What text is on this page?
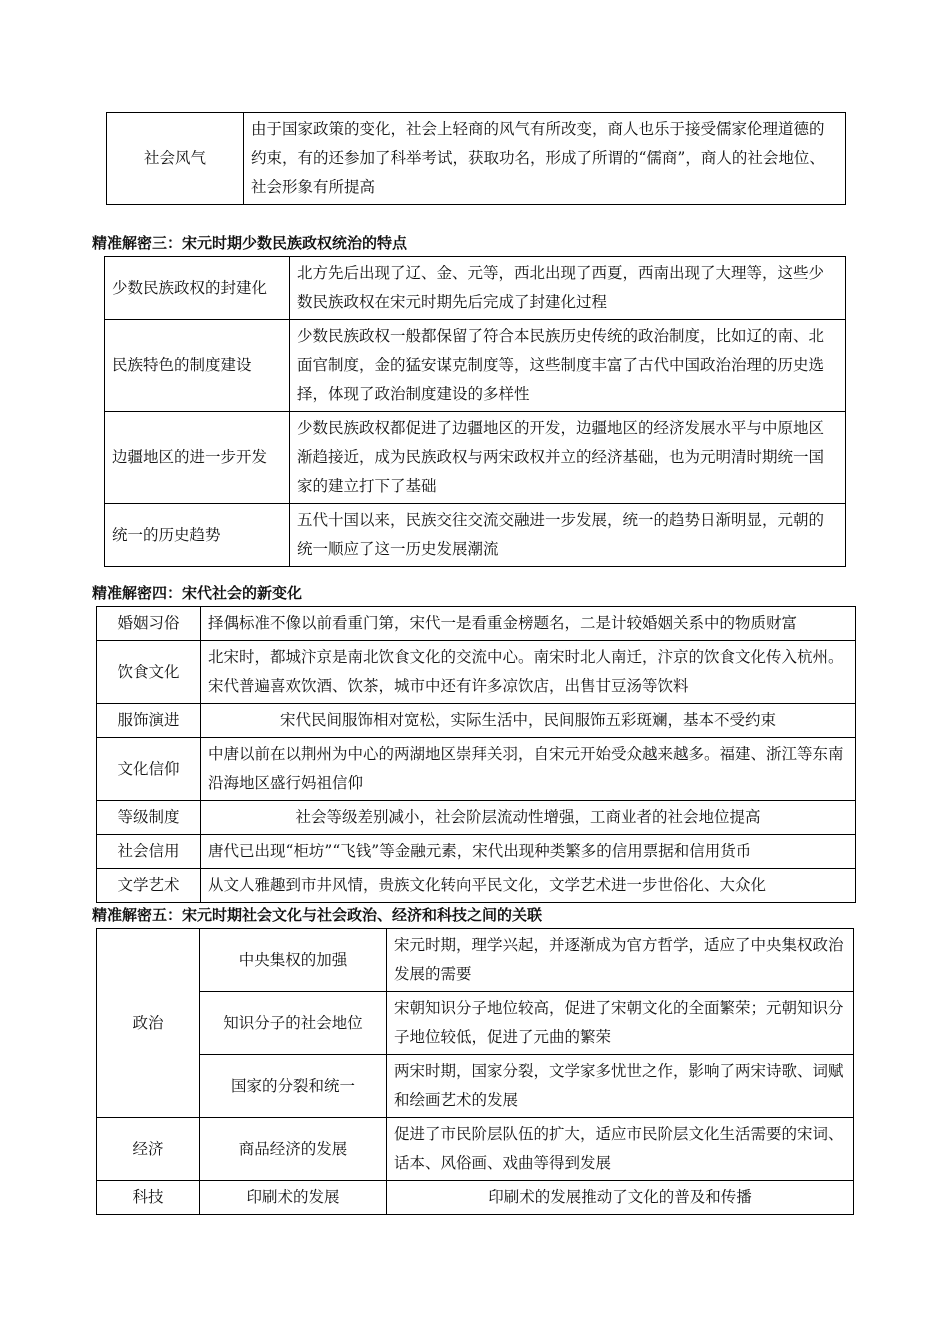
社会风气	由于国家政策的变化，社会上轻商的风气有所改变，商人也乐于接受儒家伦理道德的约束，有的还参加了科举考试，获取功名，形成了所谓的“儒商”，商人的社会地位、社会形象有所提高
精准解密三：宋元时期少数民族政权统治的特点
少数民族政权的封建化	北方先后出现了辽、金、元等，西北出现了西夏，西南出现了大理等，这些少数民族政权在宋元时期先后完成了封建化过程
民族特色的制度建设	少数民族政权一般都保留了符合本民族历史传统的政治制度，比如辽的南、北面官制度，金的猛安谋克制度等，这些制度丰富了古代中国政治治理的历史选择，体现了政治制度建设的多样性
边疆地区的进一步开发	少数民族政权都促进了边疆地区的开发，边疆地区的经济发展水平与中原地区渐趋接近，成为民族政权与两宋政权并立的经济基础，也为元明清时期统一国家的建立打下了基础
统一的历史趋势	五代十国以来，民族交往交流交融进一步发展，统一的趋势日渐明显，元朝的统一顺应了这一历史发展潮流
精准解密四：宋代社会的新变化
婚姻习俗	择偶标准不像以前看重门第，宋代一是看重金榜题名，二是计较婚姻关系中的物质财富
饮食文化	北宋时，都城汴京是南北饮食文化的交流中心。南宋时北人南迁，汴京的饮食文化传入杭州。宋代普遍喜欢饮酒、饮茶，城市中还有许多凉饮店，出售甘豆汤等饮料
服饰演进	宋代民间服饰相对宽松，实际生活中，民间服饰五彩斑斓，基本不受约束
文化信仰	中唐以前在以荆州为中心的两湖地区崇拜关羽，自宋元开始受众越来越多。福建、浙江等东南沿海地区盛行妈祖信仰
等级制度	社会等级差别减小，社会阶层流动性增强，工商业者的社会地位提高
社会信用	唐代已出现“柜坊”“飞钱”等金融元素，宋代出现种类繁多的信用票据和信用货币
文学艺术	从文人雅趣到市井风情，贵族文化转向平民文化，文学艺术进一步世俗化、大众化
精准解密五：宋元时期社会文化与社会政治、经济和科技之间的关联
政治	中央集权的加强	宋元时期，理学兴起，并逐渐成为官方哲学，适应了中央集权政治发展的需要
	知识分子的社会地位	宋朝知识分子地位较高，促进了宋朝文化的全面繁荣；元朝知识分子地位较低，促进了元曲的繁荣
	国家的分裂和统一	两宋时期，国家分裂，文学家多忧世之作，影响了两宋诗歌、词赋和绘画艺术的发展
经济	商品经济的发展	促进了市民阶层队伍的扩大，适应市民阶层文化生活需要的宋词、话本、风俗画、戏曲等得到发展
科技	印刷术的发展	印刷术的发展推动了文化的普及和传播
